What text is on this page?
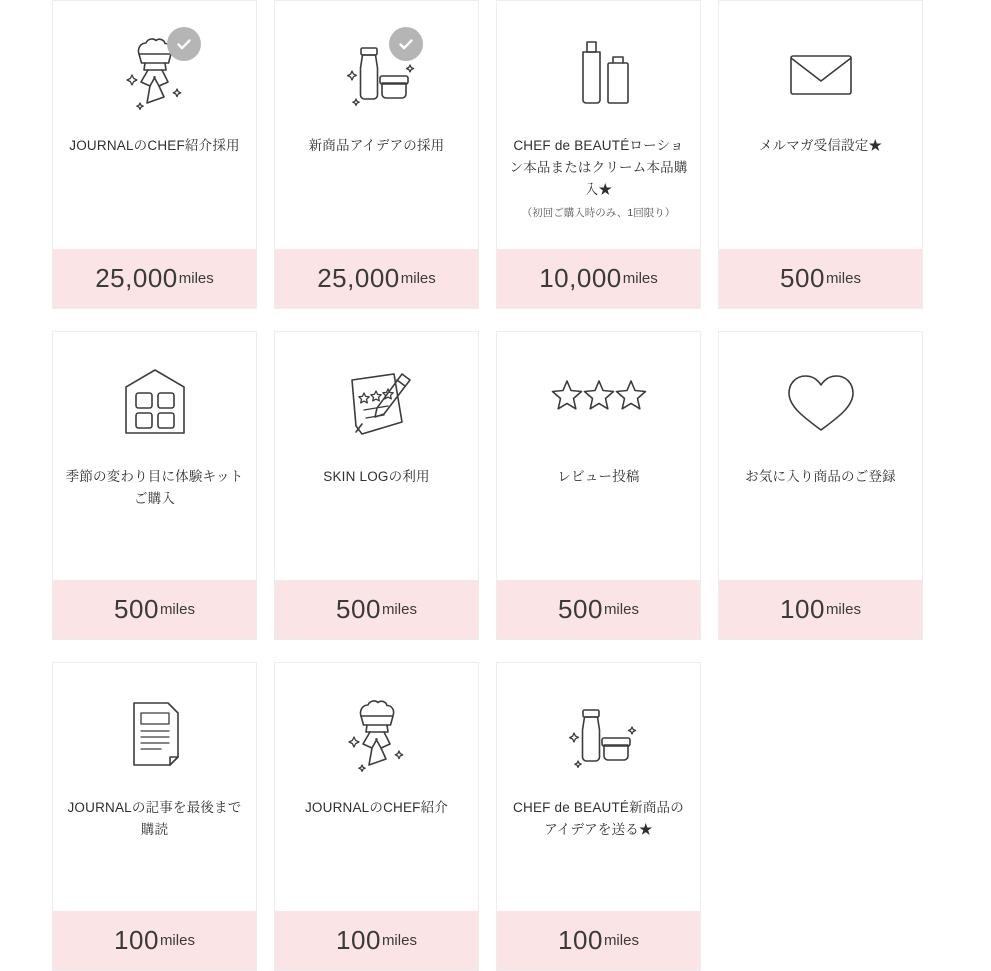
JOURNALのCHEF紹介採用
25,000 miles
新商品アイデアの採用
25,000 miles
CHEF de BEAUTÉローション本品またはクリーム本品購入★（初回ご購入時のみ、1回限り）
10,000 miles
メルマガ受信設定★
500 miles
季節の変わり目に体験キットご購入
500 miles
SKIN LOGの利用
500 miles
レビュー投稿
500 miles
お気に入り商品のご登録
100 miles
JOURNALの記事を最後まで購読
100 miles
JOURNALのCHEF紹介
100 miles
CHEF de BEAUTÉ新商品のアイデアを送る★
100 miles
